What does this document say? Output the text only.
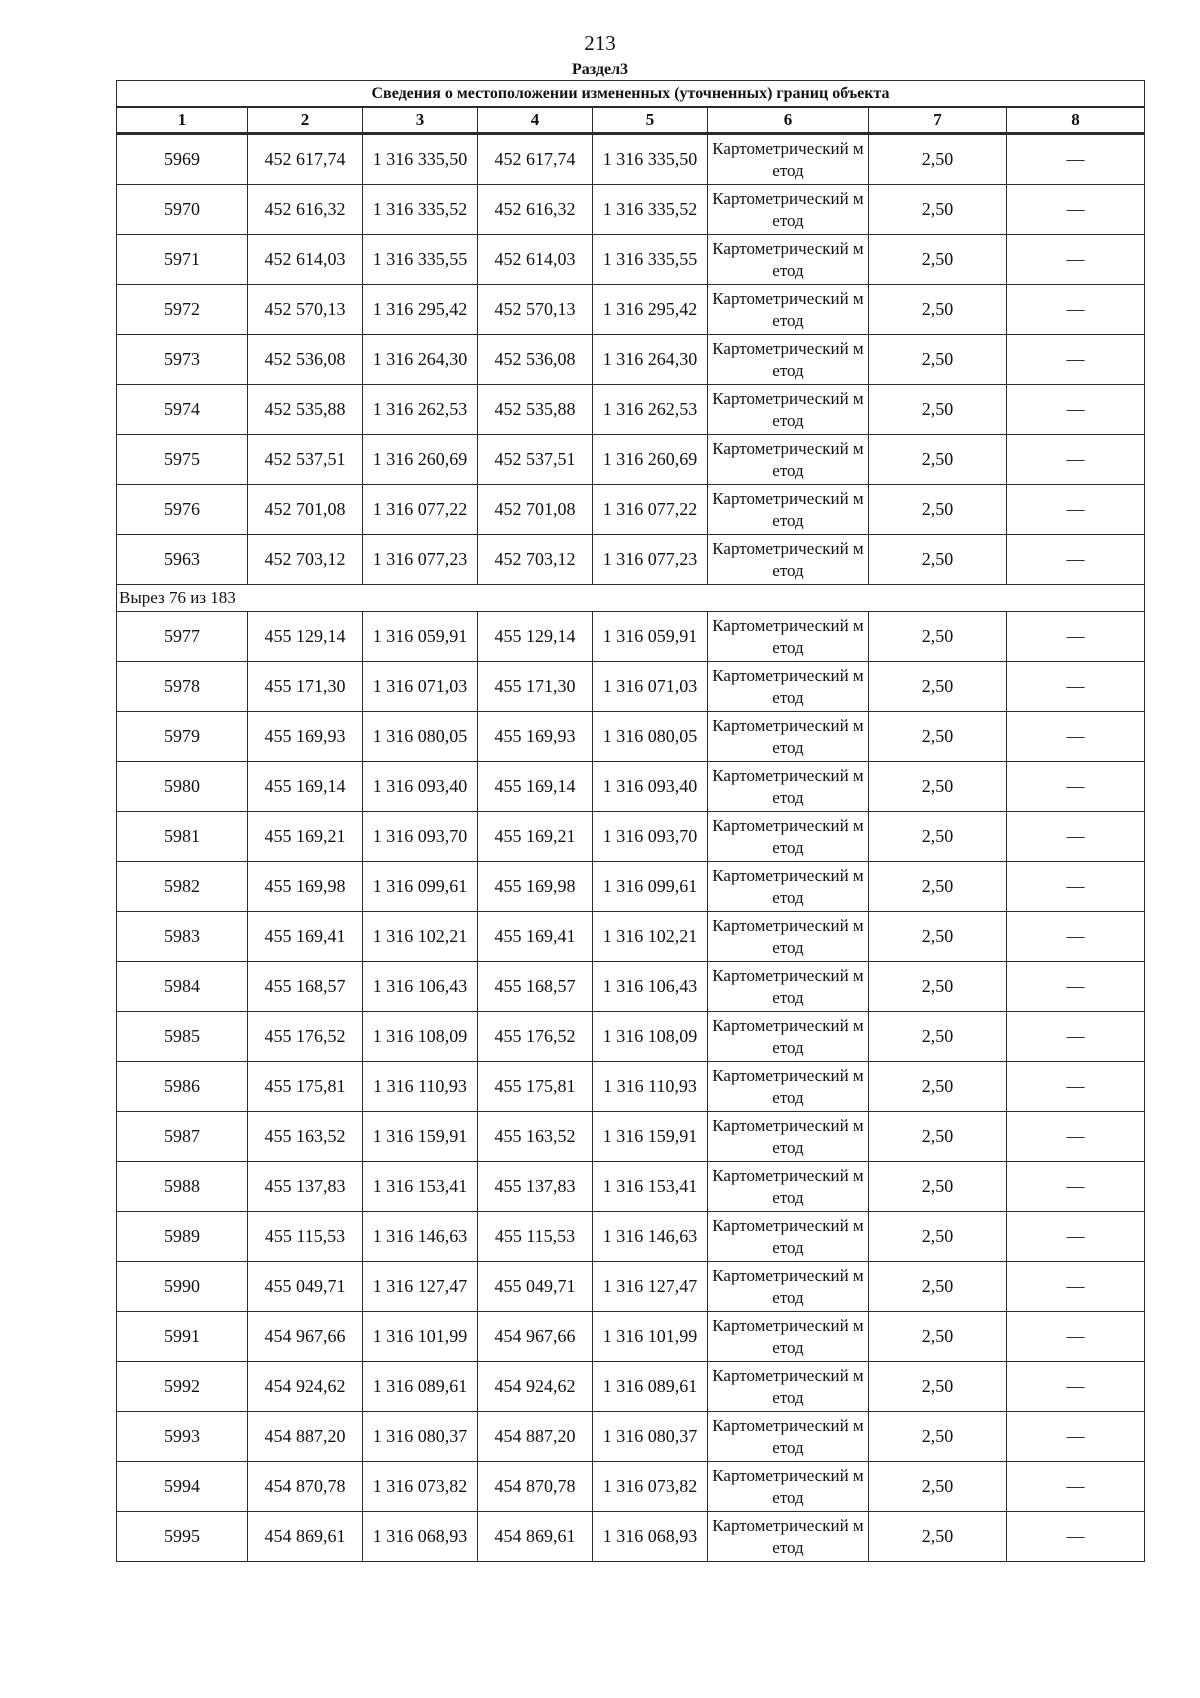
213
Раздел3
Сведения о местоположении измененных (уточненных) границ объекта							
1	2	3	4	5	6	7	8
5969	452 617,74	1 316 335,50	452 617,74	1 316 335,50	Картометрический метод	2,50	—
5970	452 616,32	1 316 335,52	452 616,32	1 316 335,52	Картометрический метод	2,50	—
5971	452 614,03	1 316 335,55	452 614,03	1 316 335,55	Картометрический метод	2,50	—
5972	452 570,13	1 316 295,42	452 570,13	1 316 295,42	Картометрический метод	2,50	—
5973	452 536,08	1 316 264,30	452 536,08	1 316 264,30	Картометрический метод	2,50	—
5974	452 535,88	1 316 262,53	452 535,88	1 316 262,53	Картометрический метод	2,50	—
5975	452 537,51	1 316 260,69	452 537,51	1 316 260,69	Картометрический метод	2,50	—
5976	452 701,08	1 316 077,22	452 701,08	1 316 077,22	Картометрический метод	2,50	—
5963	452 703,12	1 316 077,23	452 703,12	1 316 077,23	Картометрический метод	2,50	—
Вырез 76 из 183							
5977	455 129,14	1 316 059,91	455 129,14	1 316 059,91	Картометрический метод	2,50	—
5978	455 171,30	1 316 071,03	455 171,30	1 316 071,03	Картометрический метод	2,50	—
5979	455 169,93	1 316 080,05	455 169,93	1 316 080,05	Картометрический метод	2,50	—
5980	455 169,14	1 316 093,40	455 169,14	1 316 093,40	Картометрический метод	2,50	—
5981	455 169,21	1 316 093,70	455 169,21	1 316 093,70	Картометрический метод	2,50	—
5982	455 169,98	1 316 099,61	455 169,98	1 316 099,61	Картометрический метод	2,50	—
5983	455 169,41	1 316 102,21	455 169,41	1 316 102,21	Картометрический метод	2,50	—
5984	455 168,57	1 316 106,43	455 168,57	1 316 106,43	Картометрический метод	2,50	—
5985	455 176,52	1 316 108,09	455 176,52	1 316 108,09	Картометрический метод	2,50	—
5986	455 175,81	1 316 110,93	455 175,81	1 316 110,93	Картометрический метод	2,50	—
5987	455 163,52	1 316 159,91	455 163,52	1 316 159,91	Картометрический метод	2,50	—
5988	455 137,83	1 316 153,41	455 137,83	1 316 153,41	Картометрический метод	2,50	—
5989	455 115,53	1 316 146,63	455 115,53	1 316 146,63	Картометрический метод	2,50	—
5990	455 049,71	1 316 127,47	455 049,71	1 316 127,47	Картометрический метод	2,50	—
5991	454 967,66	1 316 101,99	454 967,66	1 316 101,99	Картометрический метод	2,50	—
5992	454 924,62	1 316 089,61	454 924,62	1 316 089,61	Картометрический метод	2,50	—
5993	454 887,20	1 316 080,37	454 887,20	1 316 080,37	Картометрический метод	2,50	—
5994	454 870,78	1 316 073,82	454 870,78	1 316 073,82	Картометрический метод	2,50	—
5995	454 869,61	1 316 068,93	454 869,61	1 316 068,93	Картометрический метод	2,50	—
